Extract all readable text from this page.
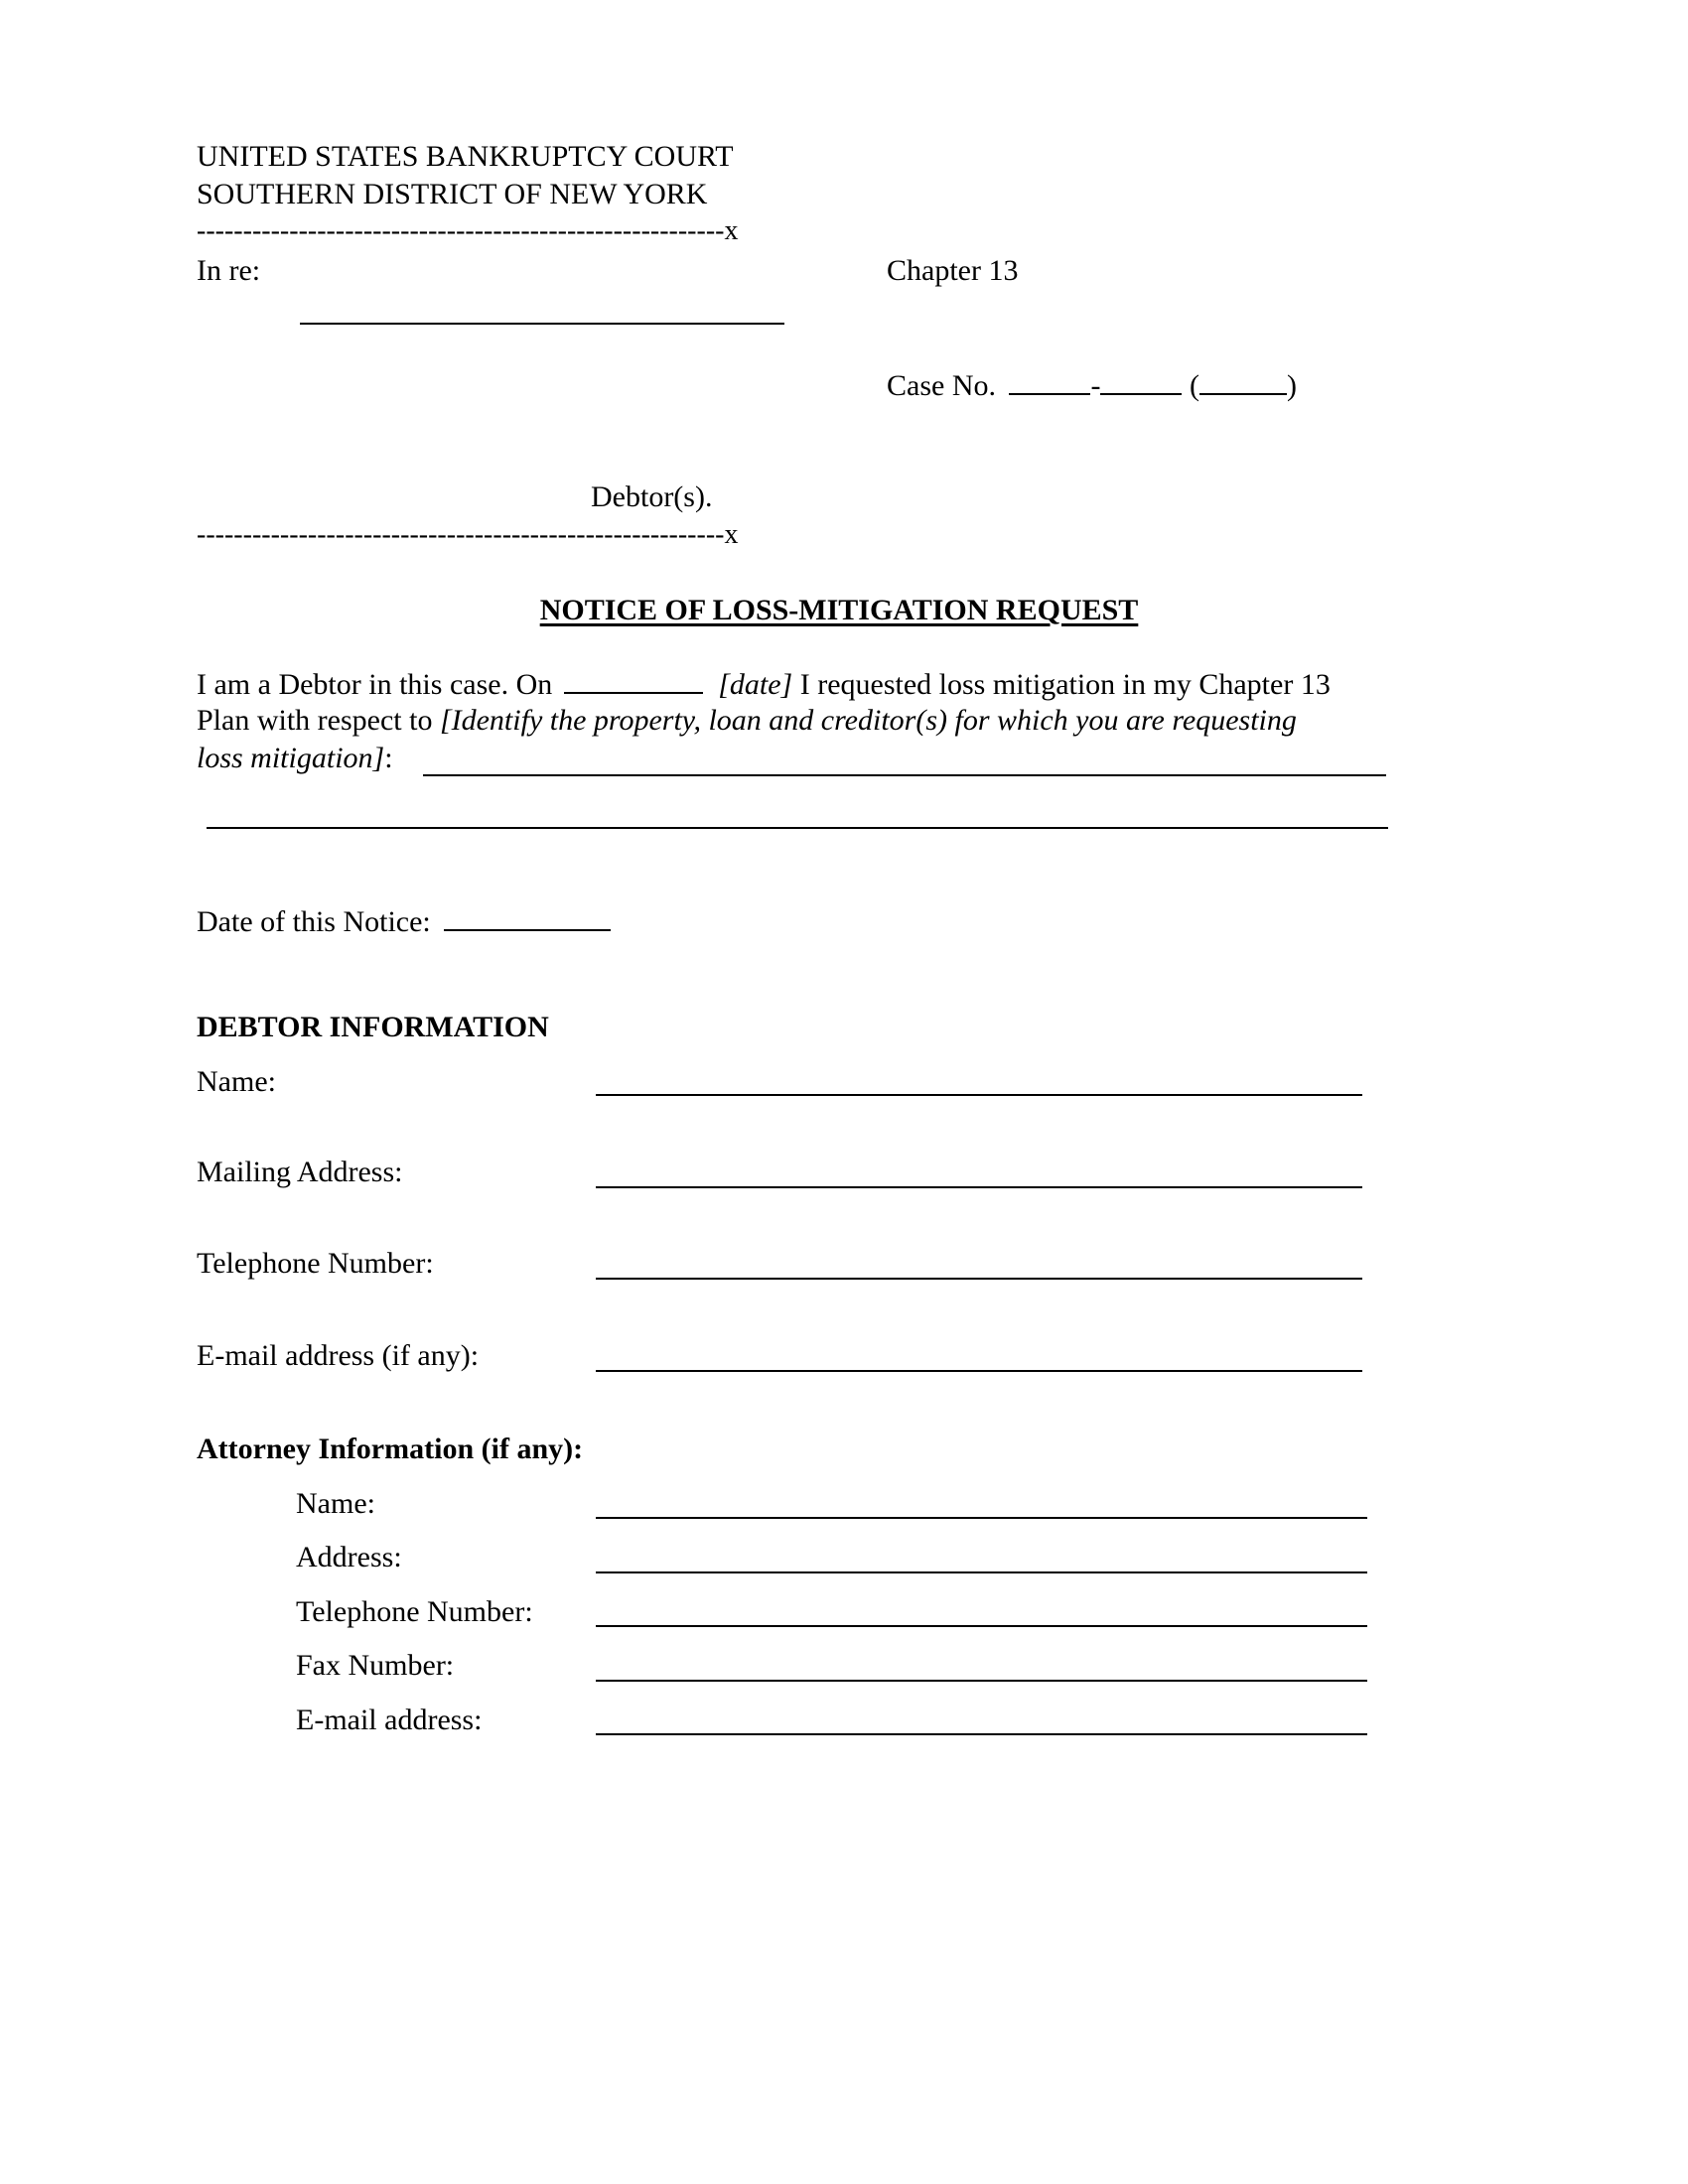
UNITED STATES BANKRUPTCY COURT
SOUTHERN DISTRICT OF NEW YORK
---------------------------------------------------------x
In re:	Chapter 13
Case No.	-	(	)
Debtor(s).
---------------------------------------------------------x
NOTICE OF LOSS-MITIGATION REQUEST
I am a Debtor in this case. On	[date] I requested loss mitigation in my Chapter 13
Plan with respect to [Identify the property, loan and creditor(s) for which you are requesting
loss mitigation]:
Date of this Notice:
DEBTOR INFORMATION
Name:
Mailing Address:
Telephone Number:
E-mail address (if any):
Attorney Information (if any):
Name:
Address:
Telephone Number:
Fax Number:
E-mail address:
